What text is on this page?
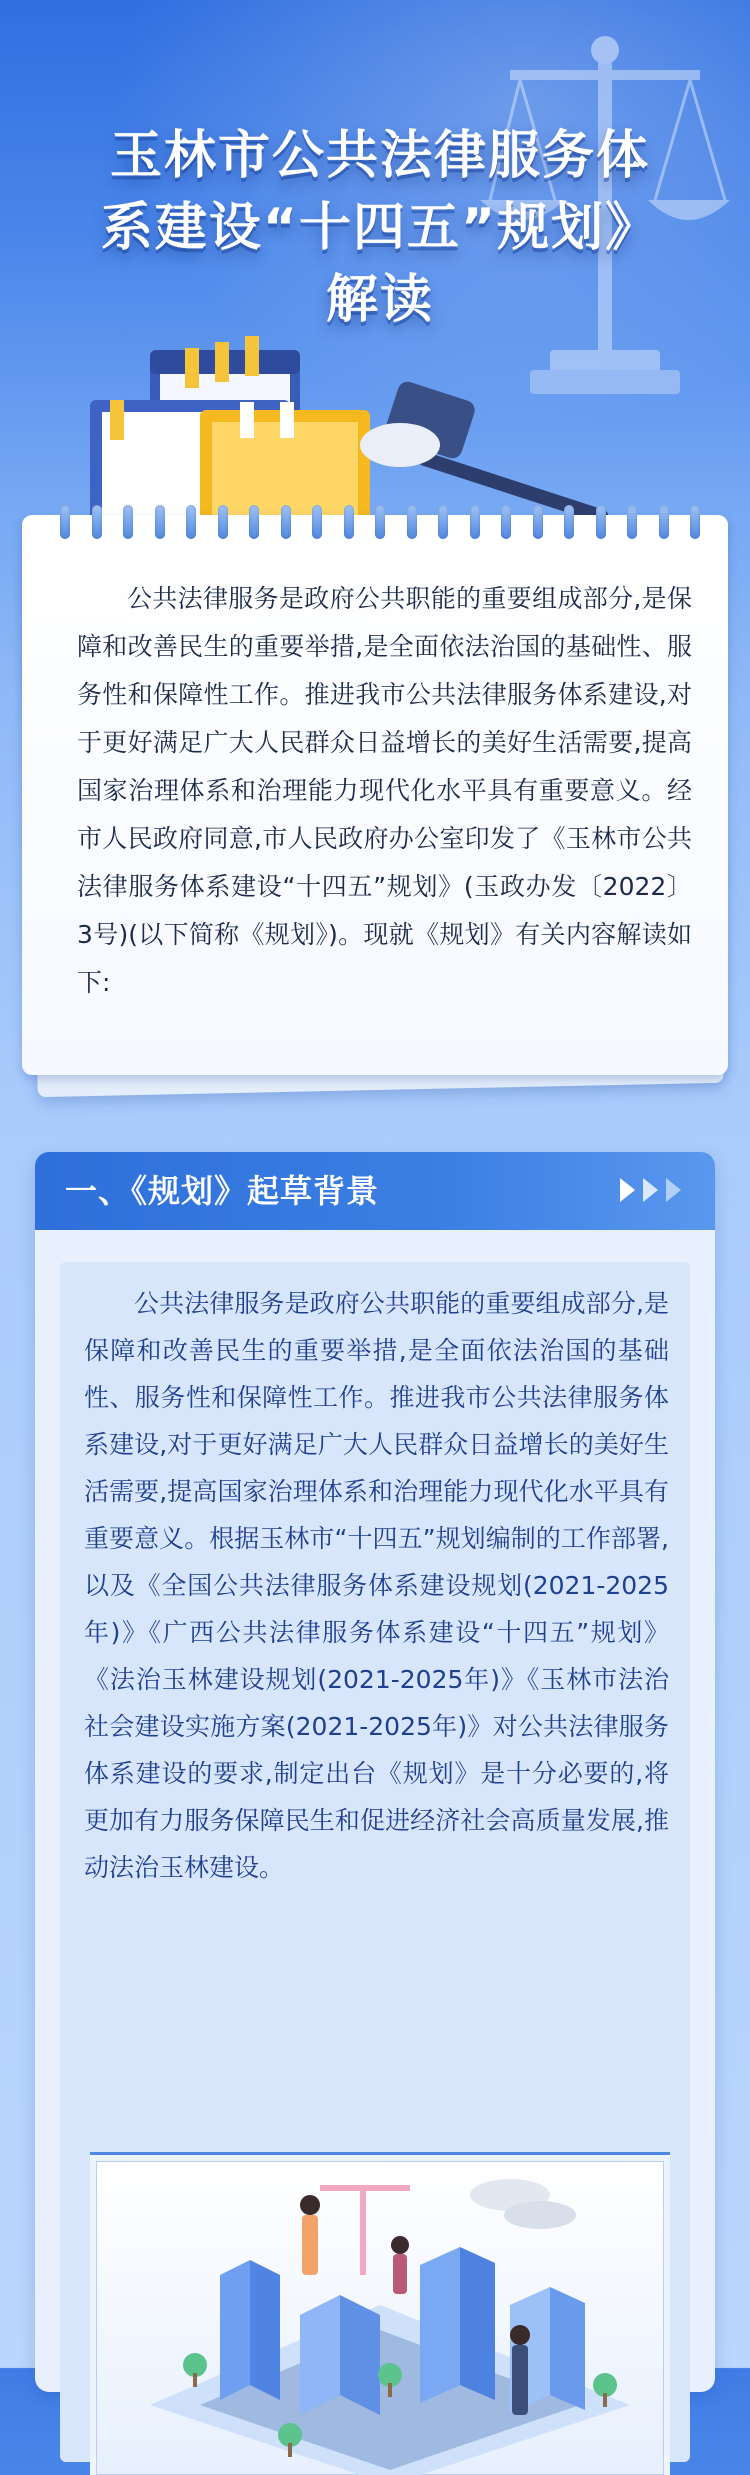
玉林市公共法律服务体
系建设“十四五”规划》
解读

公共法律服务是政府公共职能的重要组成部分,是保障和改善民生的重要举措,是全面依法治国的基础性、服务性和保障性工作。推进我市公共法律服务体系建设,对于更好满足广大人民群众日益增长的美好生活需要,提高国家治理体系和治理能力现代化水平具有重要意义。经市人民政府同意,市人民政府办公室印发了《玉林市公共法律服务体系建设“十四五”规划》(玉政办发〔2022〕3号)(以下简称《规划》)。现就《规划》有关内容解读如下:

一、《规划》起草背景

公共法律服务是政府公共职能的重要组成部分,是保障和改善民生的重要举措,是全面依法治国的基础性、服务性和保障性工作。推进我市公共法律服务体系建设,对于更好满足广大人民群众日益增长的美好生活需要,提高国家治理体系和治理能力现代化水平具有重要意义。根据玉林市“十四五”规划编制的工作部署,以及《全国公共法律服务体系建设规划(2021-2025年)》《广西公共法律服务体系建设“十四五”规划》《法治玉林建设规划(2021-2025年)》《玉林市法治社会建设实施方案(2021-2025年)》对公共法律服务体系建设的要求,制定出台《规划》是十分必要的,将更加有力服务保障民生和促进经济社会高质量发展,推动法治玉林建设。
